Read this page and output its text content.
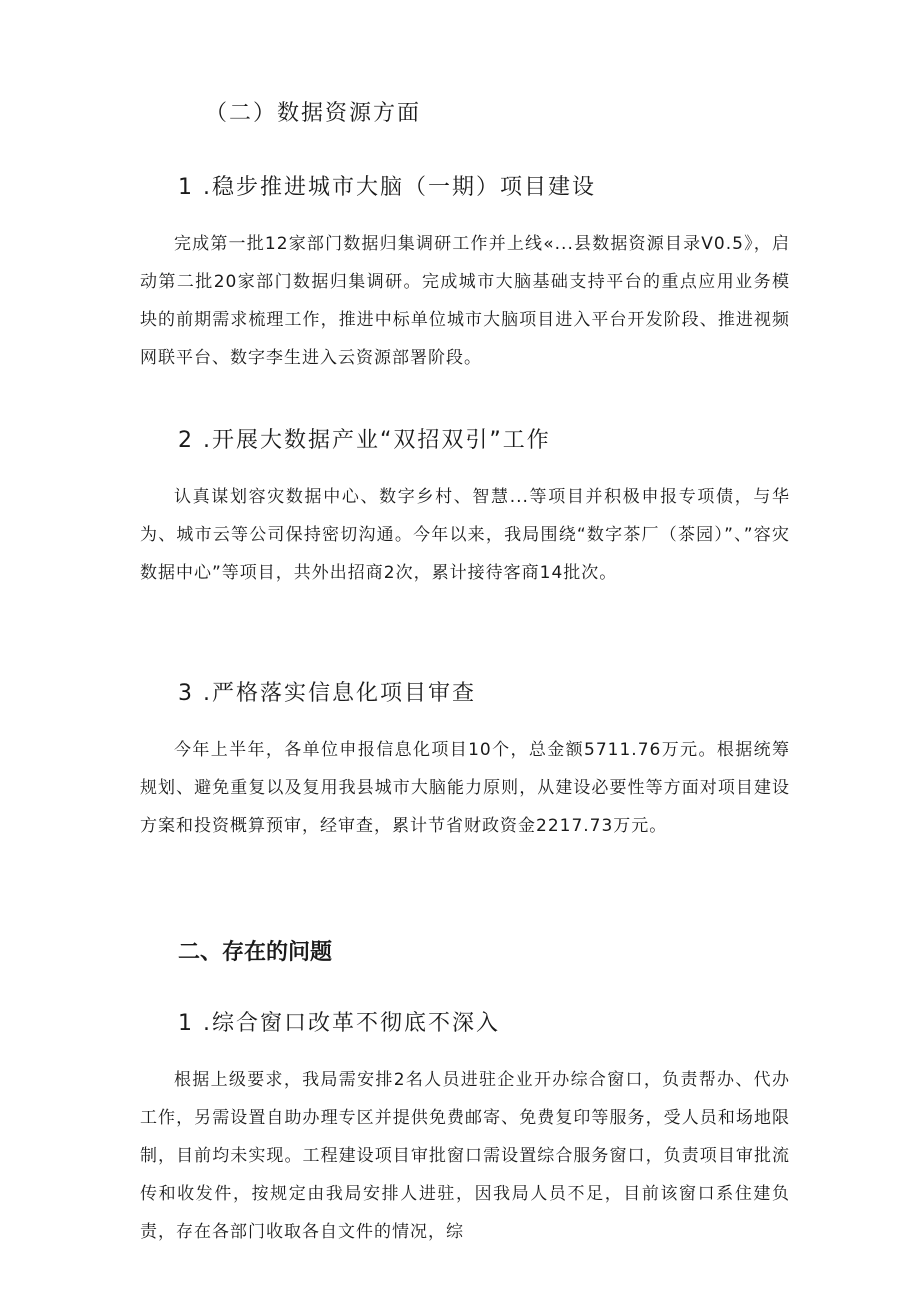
（二）数据资源方面
1 .稳步推进城市大脑（一期）项目建设

完成第一批12家部门数据归集调研工作并上线«...县数据资源目录V0.5》，启动第二批20家部门数据归集调研。完成城市大脑基础支持平台的重点应用业务模块的前期需求梳理工作，推进中标单位城市大脑项目进入平台开发阶段、推进视频网联平台、数字李生进入云资源部署阶段。

2 .开展大数据产业“双招双引”工作

认真谋划容灾数据中心、数字乡村、智慧...等项目并积极申报专项债，与华为、城市云等公司保持密切沟通。今年以来，我局围绕“数字茶厂（茶园）”、”容灾数据中心”等项目，共外出招商2次，累计接待客商14批次。

3 .严格落实信息化项目审查

今年上半年，各单位申报信息化项目10个，总金额5711.76万元。根据统筹规划、避免重复以及复用我县城市大脑能力原则，从建设必要性等方面对项目建设方案和投资概算预审，经审查，累计节省财政资金2217.73万元。

二、存在的问题
1 .综合窗口改革不彻底不深入

根据上级要求，我局需安排2名人员进驻企业开办综合窗口，负责帮办、代办工作，另需设置自助办理专区并提供免费邮寄、免费复印等服务，受人员和场地限制，目前均未实现。工程建设项目审批窗口需设置综合服务窗口，负责项目审批流传和收发件，按规定由我局安排人进驻，因我局人员不足，目前该窗口系住建负责，存在各部门收取各自文件的情况，综
